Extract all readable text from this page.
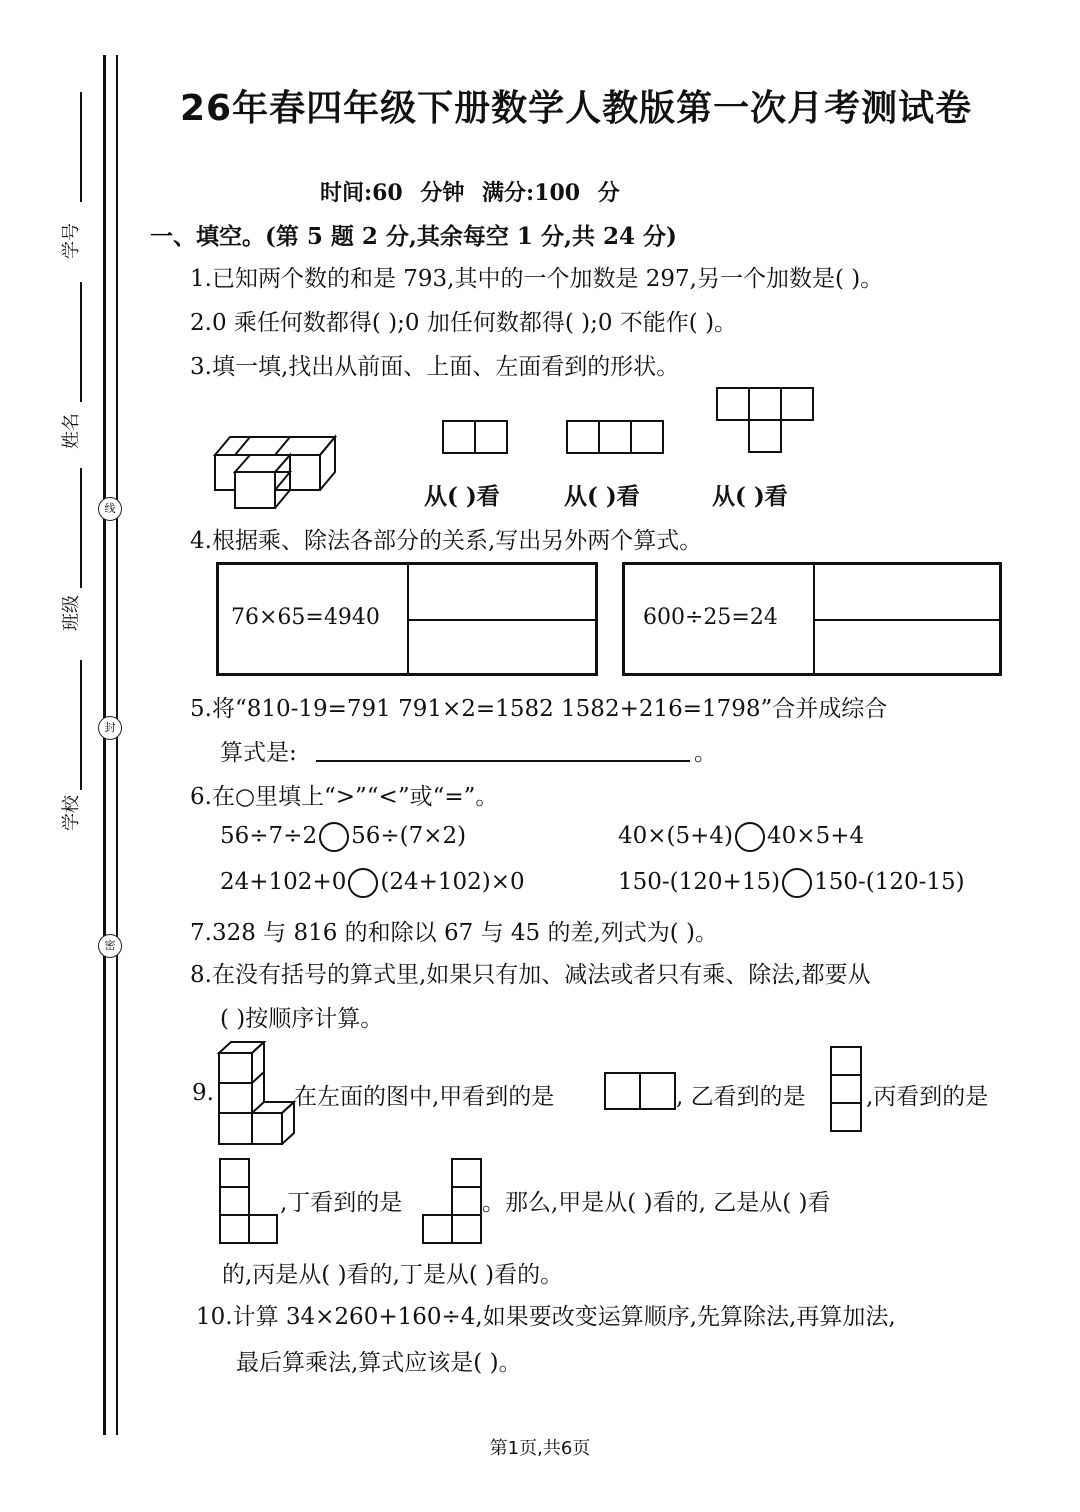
学号
姓名
班级
学校
线
封
密
26年春四年级下册数学人教版第一次月考测试卷
时间:60 分钟 满分:100 分
一、填空。(第 5 题 2 分,其余每空 1 分,共 24 分)
1.已知两个数的和是 793,其中的一个加数是 297,另一个加数是( )。
2.0 乘任何数都得( );0 加任何数都得( );0 不能作( )。
3.填一填,找出从前面、上面、左面看到的形状。
从( )看	从( )看	从( )看
4.根据乘、除法各部分的关系,写出另外两个算式。
76×65=4940	600÷25=24
5.将“810-19=791 791×2=1582 1582+216=1798”合并成综合
算式是:	。
6.在○里填上“>”“<”或“=”。
56÷7÷2 56÷(7×2)	40×(5+4) 40×5+4
24+102+0 (24+102)×0	150-(120+15) 150-(120-15)
7.328 与 816 的和除以 67 与 45 的差,列式为( )。
8.在没有括号的算式里,如果只有加、减法或者只有乘、除法,都要从
( )按顺序计算。
9.	在左面的图中,甲看到的是	, 乙看到的是	,丙看到的是
,丁看到的是	。那么,甲是从( )看的, 乙是从( )看
的,丙是从( )看的,丁是从( )看的。
10.计算 34×260+160÷4,如果要改变运算顺序,先算除法,再算加法,
最后算乘法,算式应该是( )。
第1页,共6页
